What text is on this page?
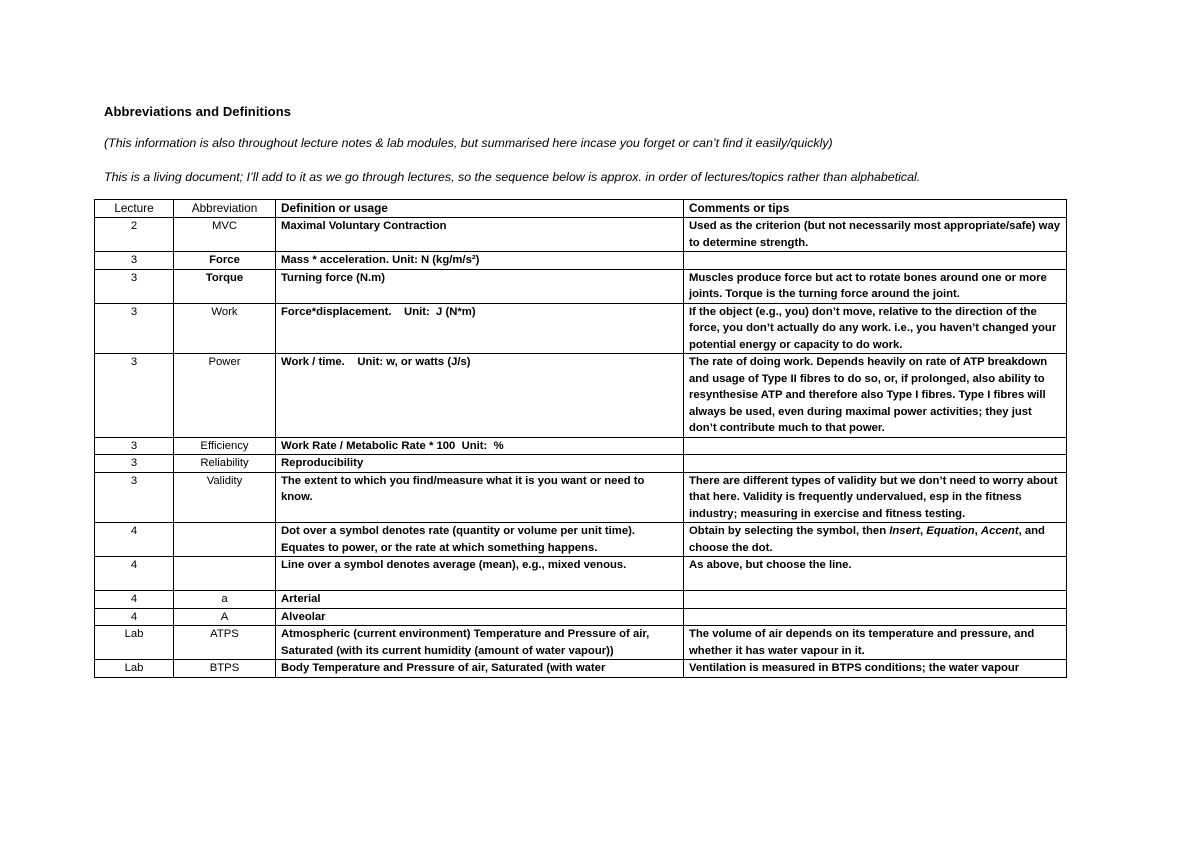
Abbreviations and Definitions
(This information is also throughout lecture notes & lab modules, but summarised here incase you forget or can’t find it easily/quickly)
This is a living document; I’ll add to it as we go through lectures, so the sequence below is approx. in order of lectures/topics rather than alphabetical.
Lecture	Abbreviation	Definition or usage	Comments or tips
2	MVC	Maximal Voluntary Contraction	Used as the criterion (but not necessarily most appropriate/safe) way to determine strength.
3	Force	Mass * acceleration. Unit: N (kg/m/s²)	
3	Torque	Turning force (N.m)	Muscles produce force but act to rotate bones around one or more joints. Torque is the turning force around the joint.
3	Work	Force*displacement.    Unit:  J (N*m)	If the object (e.g., you) don’t move, relative to the direction of the force, you don’t actually do any work. i.e., you haven’t changed your potential energy or capacity to do work.
3	Power	Work / time.    Unit: w, or watts (J/s)	The rate of doing work. Depends heavily on rate of ATP breakdown and usage of Type II fibres to do so, or, if prolonged, also ability to resynthesise ATP and therefore also Type I fibres. Type I fibres will always be used, even during maximal power activities; they just don’t contribute much to that power.
3	Efficiency	Work Rate / Metabolic Rate * 100  Unit:  %	
3	Reliability	Reproducibility	
3	Validity	The extent to which you find/measure what it is you want or need to know.	There are different types of validity but we don’t need to worry about that here. Validity is frequently undervalued, esp in the fitness industry; measuring in exercise and fitness testing.
4		Dot over a symbol denotes rate (quantity or volume per unit time). Equates to power, or the rate at which something happens.	Obtain by selecting the symbol, then Insert, Equation, Accent, and choose the dot.
4		Line over a symbol denotes average (mean), e.g., mixed venous.	As above, but choose the line.
4	a	Arterial	
4	A	Alveolar	
Lab	ATPS	Atmospheric (current environment) Temperature and Pressure of air, Saturated (with its current humidity (amount of water vapour))	The volume of air depends on its temperature and pressure, and whether it has water vapour in it.
Lab	BTPS	Body Temperature and Pressure of air, Saturated (with water	Ventilation is measured in BTPS conditions; the water vapour
